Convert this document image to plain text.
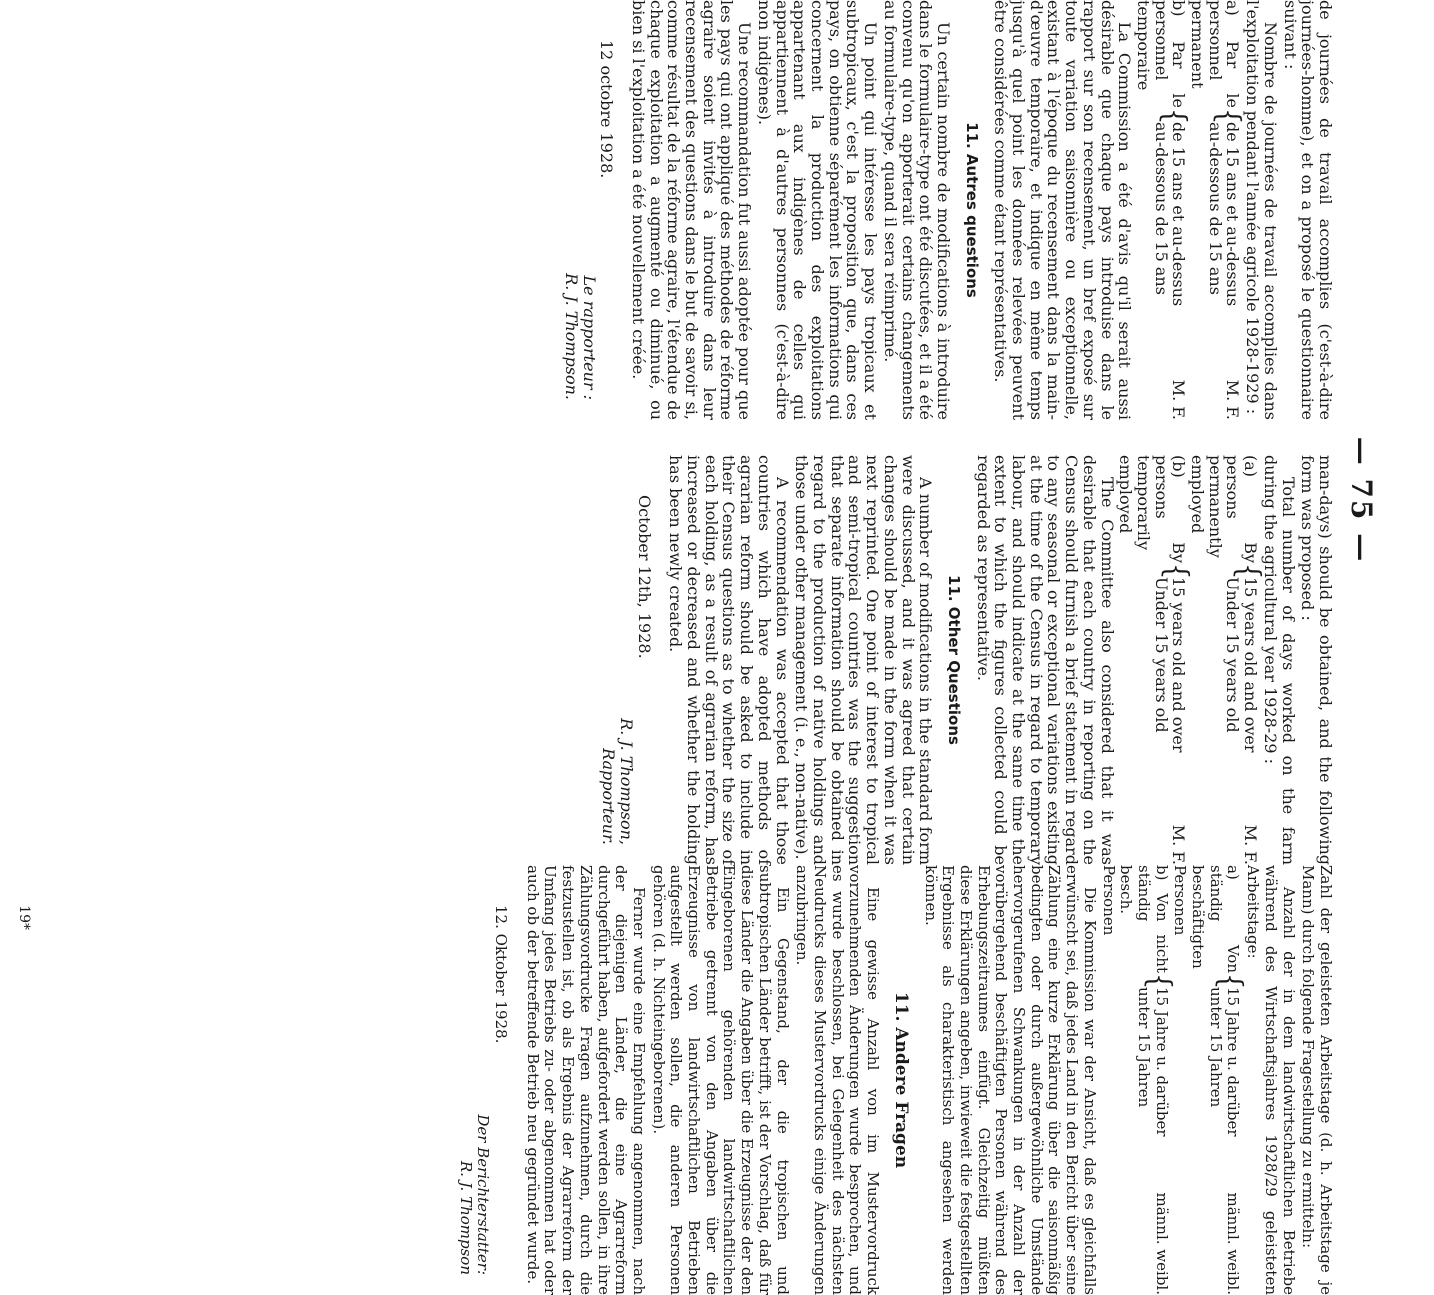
— 75 —

de journées de travail accomplies (c'est-à-dire journées-homme), et on a proposé le questionnaire suivant :

Nombre de journées de travail accomplies dans l'exploitation pendant l'année agricole 1928-1929 :

a) Par le personnel permanent
{
de 15 ans et au-dessus
M. F.
au-dessous de 15 ans
b) Par le personnel temporaire
{
de 15 ans et au-dessus
M. F.
au-dessous de 15 ans

La Commission a été d'avis qu'il serait aussi désirable que chaque pays introduise dans le rapport sur son recensement, un bref exposé sur toute variation saisonnière ou exceptionnelle, existant à l'époque du recensement dans la main-d'œuvre temporaire, et indique en même temps jusqu'à quel point les données relevées peuvent être considérées comme étant représentatives.

11. Autres questions

Un certain nombre de modifications à introduire dans le formulaire-type ont été discutées, et il a été convenu qu'on apporterait certains changements au formulaire-type, quand il sera réimprimé.

Un point qui intéresse les pays tropicaux et subtropicaux, c'est la proposition que, dans ces pays, on obtienne séparément les informations qui concernent la production des exploitations appartenant aux indigènes de celles qui appartiennent à d'autres personnes (c'est-à-dire non indigènes).

Une recommandation fut aussi adoptée pour que les pays qui ont appliqué des méthodes de réforme agraire soient invités à introduire dans leur recensement des questions dans le but de savoir si, comme résultat de la réforme agraire, l'étendue de chaque exploitation a augmenté ou diminué, ou bien si l'exploitation a été nouvellement créée.

12 octobre 1928.
Le rapporteur :
R. J. Thompson.

man-days) should be obtained, and the following form was proposed :

Total number of days worked on the farm during the agricultural year 1928-29 :

(a) By persons permanently employed
{
15 years old and over
M. F.
Under 15 years old
(b) By persons temporarily employed
{
15 years old and over
M. F.
Under 15 years old

The Committee also considered that it was desirable that each country in reporting on the Census should furnish a brief statement in regard to any seasonal or exceptional variations existing at the time of the Census in regard to temporary labour, and should indicate at the same time the extent to which the figures collected could be regarded as representative.

11. Other Questions

A number of modifications in the standard form were discussed, and it was agreed that certain changes should be made in the form when it was next reprinted. One point of interest to tropical and semi-tropical countries was the suggestion that separate information should be obtained in regard to the production of native holdings and those under other management (i. e., non-native).

A recommendation was accepted that those countries which have adopted methods of agrarian reform should be asked to include in their Census questions as to whether the size of each holding, as a result of agrarian reform, has increased or decreased and whether the holding has been newly created.

October 12th, 1928.
R. J. Thompson,
Rapporteur.

Zahl der geleisteten Arbeitstage (d. h. Arbeitstage je Mann) durch folgende Fragestellung zu ermitteln:

Anzahl der in dem landwirtschaftlichen Betriebe während des Wirtschaftsjahres 1928/29 geleisteten Arbeitstage:

a) Von ständig beschäftigten Personen
{
15 Jahre u. darüber
männl. weibl.
unter 15 Jahren
b) Von nicht ständig besch. Personen
{
15 Jahre u. darüber
männl. weibl.
unter 15 Jahren

Die Kommission war der Ansicht, daß es gleichfalls erwünscht sei, daß jedes Land in den Bericht über seine Zählung eine kurze Erklärung über die saisonmäßig bedingten oder durch außergewöhnliche Umstände hervorgerufenen Schwankungen in der Anzahl der vorübergehend beschäftigten Personen während des Erhebungszeitraumes einfügt. Gleichzeitig müßten diese Erklärungen angeben, inwieweit die festgestellten Ergebnisse als charakteristisch angesehen werden können.

11. Andere Fragen

Eine gewisse Anzahl von im Mustervordruck vorzunehmenden Änderungen wurde besprochen, und es wurde beschlossen, bei Gelegenheit des nächsten Neudrucks dieses Mustervordrucks einige Änderungen anzubringen.

Ein Gegenstand, der die tropischen und subtropischen Länder betrifft, ist der Vorschlag, daß für diese Länder die Angaben über die Erzeugnisse der den Eingeborenen gehörenden landwirtschaftlichen Betriebe getrennt von den Angaben über die Erzeugnisse von landwirtschaftlichen Betrieben aufgestellt werden sollen, die anderen Personen gehören (d. h. Nichteingeborenen).

Ferner wurde eine Empfehlung angenommen, nach der diejenigen Länder, die eine Agrarreform durchgeführt haben, aufgefordert werden sollen, in ihre Zählungsvordrucke Fragen aufzunehmen, durch die festzustellen ist, ob als Ergebnis der Agrarreform der Umfang jedes Betriebs zu- oder abgenommen hat oder auch ob der betreffende Betrieb neu gegründet wurde.

12. Oktober 1928.
Der Berichterstatter:
R. J. Thompson
19*
